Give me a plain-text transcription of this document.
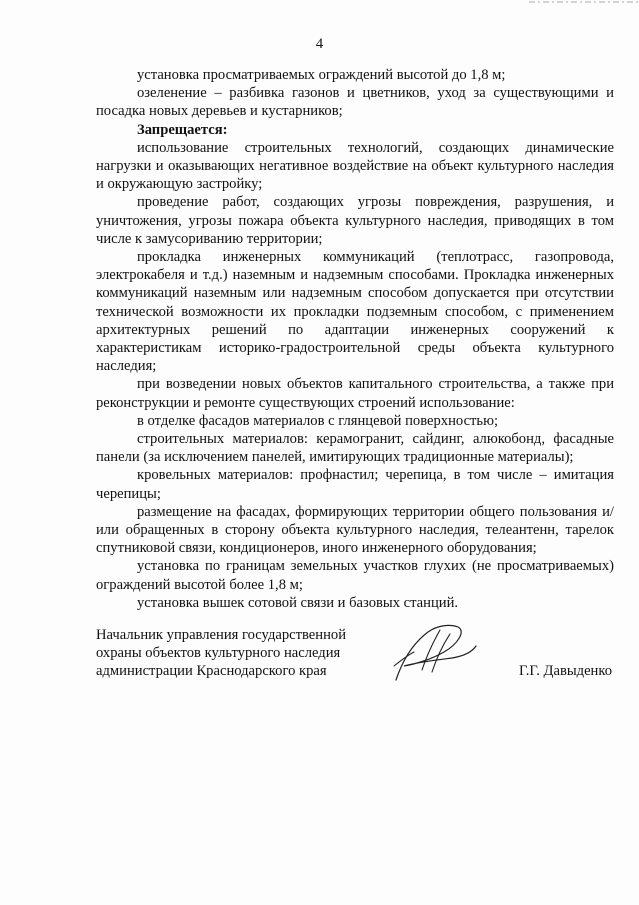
4

установка просматриваемых ограждений высотой до 1,8 м;

озеленение – разбивка газонов и цветников, уход за существующими и посадка новых деревьев и кустарников;

Запрещается:

использование строительных технологий, создающих динамические нагрузки и оказывающих негативное воздействие на объект культурного наследия и окружающую застройку;

проведение работ, создающих угрозы повреждения, разрушения, и уничтожения, угрозы пожара объекта культурного наследия, приводящих в том числе к замусориванию территории;

прокладка инженерных коммуникаций (теплотрасс, газопровода, электрокабеля и т.д.) наземным и надземным способами. Прокладка инженерных коммуникаций наземным или надземным способом допускается при отсутствии технической возможности их прокладки подземным способом, с применением архитектурных решений по адаптации инженерных сооружений к характеристикам историко-градостроительной среды объекта культурного наследия;

при возведении новых объектов капитального строительства, а также при реконструкции и ремонте существующих строений использование:

в отделке фасадов материалов с глянцевой поверхностью;

строительных материалов: керамогранит, сайдинг, алюкобонд, фасадные панели (за исключением панелей, имитирующих традиционные материалы);

кровельных материалов: профнастил; черепица, в том числе – имитация черепицы;

размещение на фасадах, формирующих территории общего пользования и/или обращенных в сторону объекта культурного наследия, телеантенн, тарелок спутниковой связи, кондиционеров, иного инженерного оборудования;

установка по границам земельных участков глухих (не просматриваемых) ограждений высотой более 1,8 м;

установка вышек сотовой связи и базовых станций.

Начальник управления государственной
охраны объектов культурного наследия
администрации Краснодарского края	Г.Г. Давыденко
